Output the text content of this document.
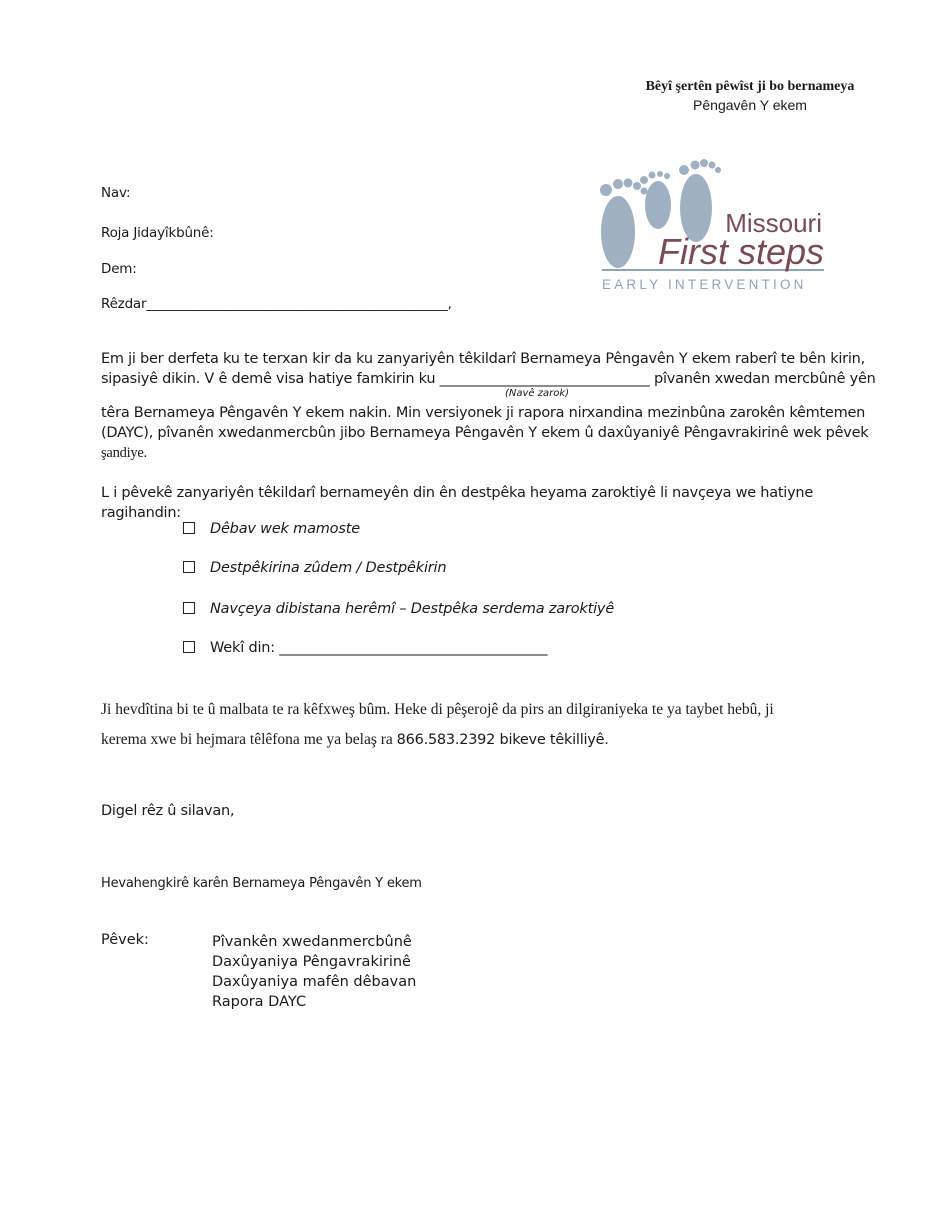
Bêyî şertên pêwîst ji bo bernameya
Pêngavên Y ekem
Missouri
First steps
EARLY INTERVENTION
Nav:
Roja Jidayîkbûnê:
Dem:
Rêzdar______________________________________________,
Em ji ber derfeta ku te terxan kir da ku zanyariyên têkildarî Bernameya Pêngavên Y ekem raberî te bên kirin,
sipasiyê dikin. V ê demê visa hatiye famkirin ku ______________________________ pîvanên xwedan mercbûnê yên
(Navê zarok)
têra Bernameya Pêngavên Y ekem nakin. Min versiyonek ji rapora nirxandina mezinbûna zarokên kêmtemen
(DAYC), pîvanên xwedanmercbûn jibo Bernameya Pêngavên Y ekem û daxûyaniyê Pêngavrakirinê wek pêvek
şandiye.
L i pêvekê zanyariyên têkildarî bernameyên din ên destpêka heyama zaroktiyê li navçeya we hatiyne ragihandin:
Dêbav wek mamoste
Destpêkirina zûdem / Destpêkirin
Navçeya dibistana herêmî – Destpêka serdema zaroktiyê
Wekî din: ______________________________________
Ji hevdîtina bi te û malbata te ra kêfxweş bûm. Heke di pêşerojê da pirs an dilgiraniyeka te ya taybet hebû, ji
kerema xwe bi hejmara têlêfona me ya belaş ra 866.583.2392 bikeve têkilliyê.
Digel rêz û silavan,
Hevahengkirê karên Bernameya Pêngavên Y ekem
Pêvek:	Pîvankên xwedanmercbûnê
Daxûyaniya Pêngavrakirinê
Daxûyaniya mafên dêbavan
Rapora DAYC
